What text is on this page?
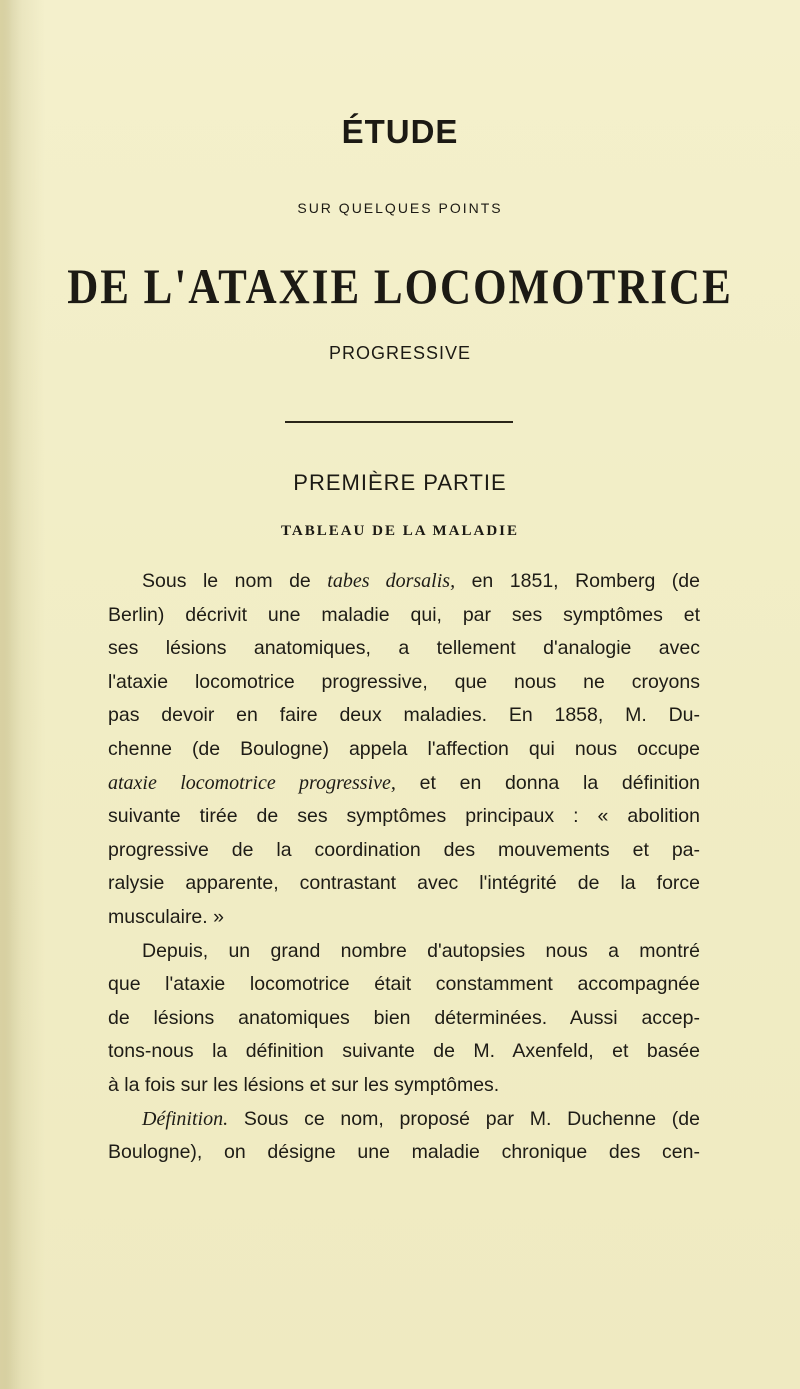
ÉTUDE
SUR QUELQUES POINTS
DE L'ATAXIE LOCOMOTRICE
PROGRESSIVE
PREMIÈRE PARTIE
TABLEAU DE LA MALADIE
Sous le nom de tabes dorsalis, en 1851, Romberg (de
Berlin) décrivit une maladie qui, par ses symptômes et
ses lésions anatomiques, a tellement d'analogie avec
l'ataxie locomotrice progressive, que nous ne croyons
pas devoir en faire deux maladies. En 1858, M. Du-
chenne (de Boulogne) appela l'affection qui nous occupe
ataxie locomotrice progressive, et en donna la définition
suivante tirée de ses symptômes principaux : « abolition
progressive de la coordination des mouvements et pa-
ralysie apparente, contrastant avec l'intégrité de la force
musculaire. »
Depuis, un grand nombre d'autopsies nous a montré
que l'ataxie locomotrice était constamment accompagnée
de lésions anatomiques bien déterminées. Aussi accep-
tons-nous la définition suivante de M. Axenfeld, et basée
à la fois sur les lésions et sur les symptômes.
Définition. Sous ce nom, proposé par M. Duchenne (de
Boulogne), on désigne une maladie chronique des cen-
